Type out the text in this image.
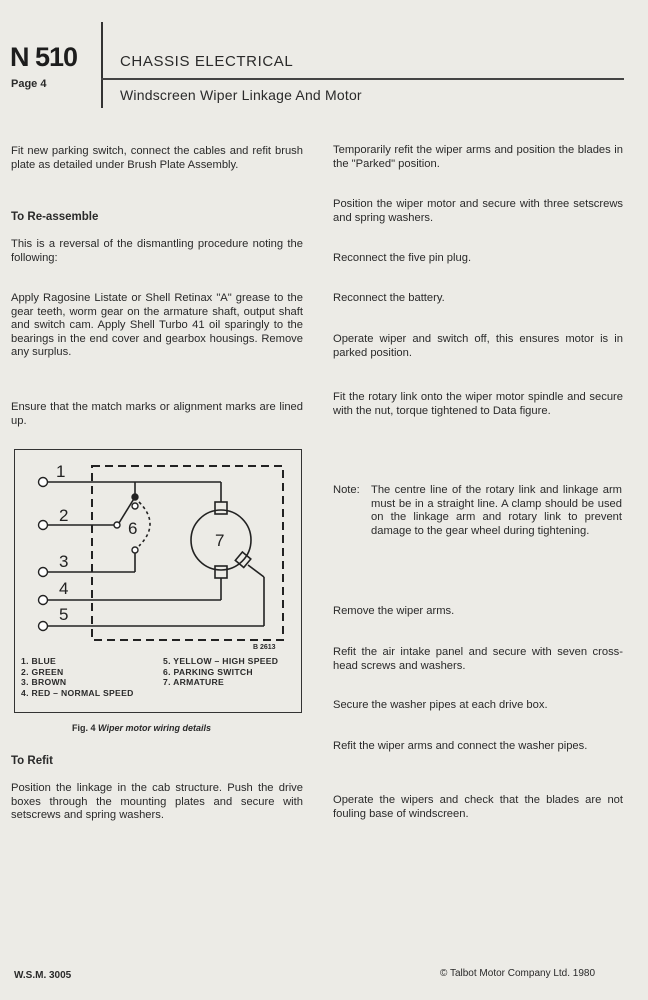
N 510
Page 4
CHASSIS ELECTRICAL
Windscreen Wiper Linkage And Motor

Fit new parking switch, connect the cables and refit brush plate as detailed under Brush Plate Assembly.

To Re-assemble

This is a reversal of the dismantling procedure noting the following:

Apply Ragosine Listate or Shell Retinax "A" grease to the gear teeth, worm gear on the armature shaft, output shaft and switch cam. Apply Shell Turbo 41 oil sparingly to the bearings in the end cover and gearbox housings. Remove any surplus.

Ensure that the match marks or alignment marks are lined up.

1
2
3
4
5
6
7
B 2613
1. BLUE
2. GREEN
3. BROWN
4. RED – NORMAL SPEED
5. YELLOW – HIGH SPEED
6. PARKING SWITCH
7. ARMATURE
Fig. 4 Wiper motor wiring details
To Refit

Position the linkage in the cab structure. Push the drive boxes through the mounting plates and secure with setscrews and spring washers.

Temporarily refit the wiper arms and position the blades in the "Parked" position.

Position the wiper motor and secure with three setscrews and spring washers.

Reconnect the five pin plug.

Reconnect the battery.

Operate wiper and switch off, this ensures motor is in parked position.

Fit the rotary link onto the wiper motor spindle and secure with the nut, torque tightened to Data figure.

Note: The centre line of the rotary link and linkage arm must be in a straight line. A clamp should be used on the linkage arm and rotary link to prevent damage to the gear wheel during tightening.

Remove the wiper arms.

Refit the air intake panel and secure with seven cross-head screws and washers.

Secure the washer pipes at each drive box.

Refit the wiper arms and connect the washer pipes.

Operate the wipers and check that the blades are not fouling base of windscreen.

W.S.M. 3005	© Talbot Motor Company Ltd. 1980
